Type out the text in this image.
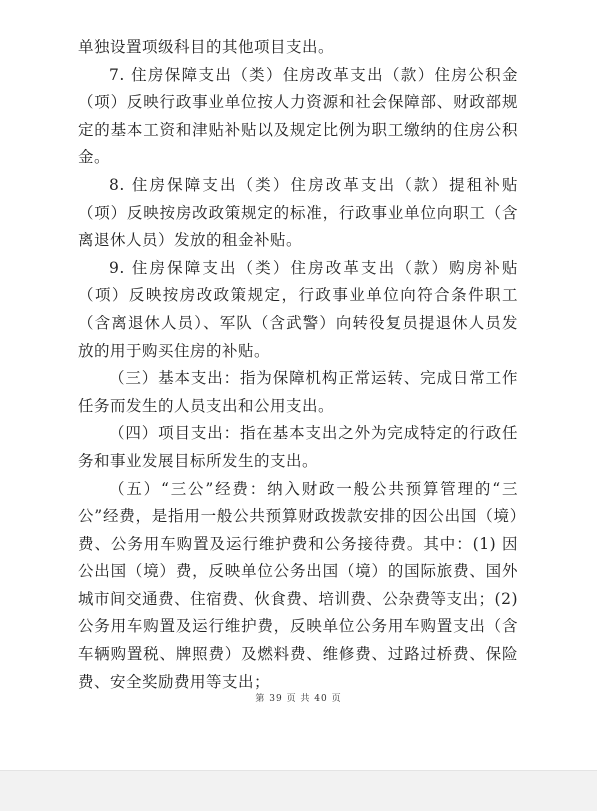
单独设置项级科目的其他项目支出。

7. 住房保障支出（类）住房改革支出（款）住房公积金（项）反映行政事业单位按人力资源和社会保障部、财政部规定的基本工资和津贴补贴以及规定比例为职工缴纳的住房公积金。

8. 住房保障支出（类）住房改革支出（款）提租补贴（项）反映按房改政策规定的标准，行政事业单位向职工（含离退休人员）发放的租金补贴。

9. 住房保障支出（类）住房改革支出（款）购房补贴（项）反映按房改政策规定，行政事业单位向符合条件职工（含离退休人员）、军队（含武警）向转役复员提退休人员发放的用于购买住房的补贴。

（三）基本支出：指为保障机构正常运转、完成日常工作任务而发生的人员支出和公用支出。

（四）项目支出：指在基本支出之外为完成特定的行政任务和事业发展目标所发生的支出。

（五）“三公”经费：纳入财政一般公共预算管理的“三公”经费，是指用一般公共预算财政拨款安排的因公出国（境）费、公务用车购置及运行维护费和公务接待费。其中：(1) 因公出国（境）费，反映单位公务出国（境）的国际旅费、国外城市间交通费、住宿费、伙食费、培训费、公杂费等支出；(2) 公务用车购置及运行维护费，反映单位公务用车购置支出（含车辆购置税、牌照费）及燃料费、维修费、过路过桥费、保险费、安全奖励费用等支出；

第 39 页 共 40 页
